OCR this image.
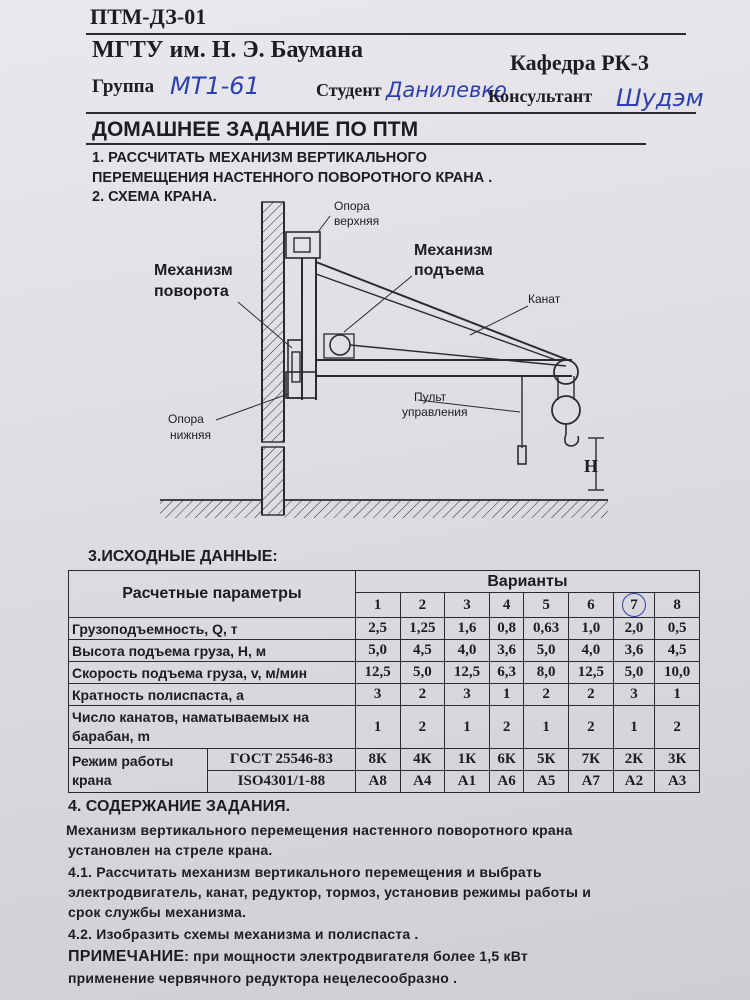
ПТМ-ДЗ-01
МГТУ им. Н. Э. Баумана	Кафедра РК-3
Группа МТ1-61	Студент Данилевко
Консультант Шудэм
ДОМАШНЕЕ ЗАДАНИЕ ПО ПТМ
1. РАССЧИТАТЬ МЕХАНИЗМ ВЕРТИКАЛЬНОГО
ПЕРЕМЕЩЕНИЯ НАСТЕННОГО ПОВОРОТНОГО КРАНА .
2. СХЕМА КРАНА.
Опора
верхняя
Механизм
подъема
Механизм
поворота	Канат
Пульт
управления
Опора
нижняя
Н
3.ИСХОДНЫЕ ДАННЫЕ:
Расчетные параметры		Варианты							
		1	2	3	4	5	6	7	8
Грузоподъемность, Q, т		2,5	1,25	1,6	0,8	0,63	1,0	2,0	0,5
Высота подъема груза, Н, м		5,0	4,5	4,0	3,6	5,0	4,0	3,6	4,5
Скорость подъема груза, v, м/мин		12,5	5,0	12,5	6,3	8,0	12,5	5,0	10,0
Кратность полиспаста, а		3	2	3	1	2	2	3	1
Число канатов, наматываемых на
барабан, m		1	2	1	2	1	2	1	2
Режим работы
крана	ГОСТ 25546-83	8К	4К	1К	6К	5К	7К	2К	3К
	ISO4301/1-88	А8	А4	А1	А6	А5	А7	А2	А3
4. СОДЕРЖАНИЕ ЗАДАНИЯ.
Механизм вертикального перемещения настенного поворотного крана
установлен на стреле крана.
4.1. Рассчитать механизм вертикального перемещения и выбрать
электродвигатель, канат, редуктор, тормоз, установив режимы работы и
срок службы механизма.
4.2. Изобразить схемы механизма и полиспаста .
ПРИМЕЧАНИЕ: при мощности электродвигателя более 1,5 кВт
применение червячного редуктора нецелесообразно .
